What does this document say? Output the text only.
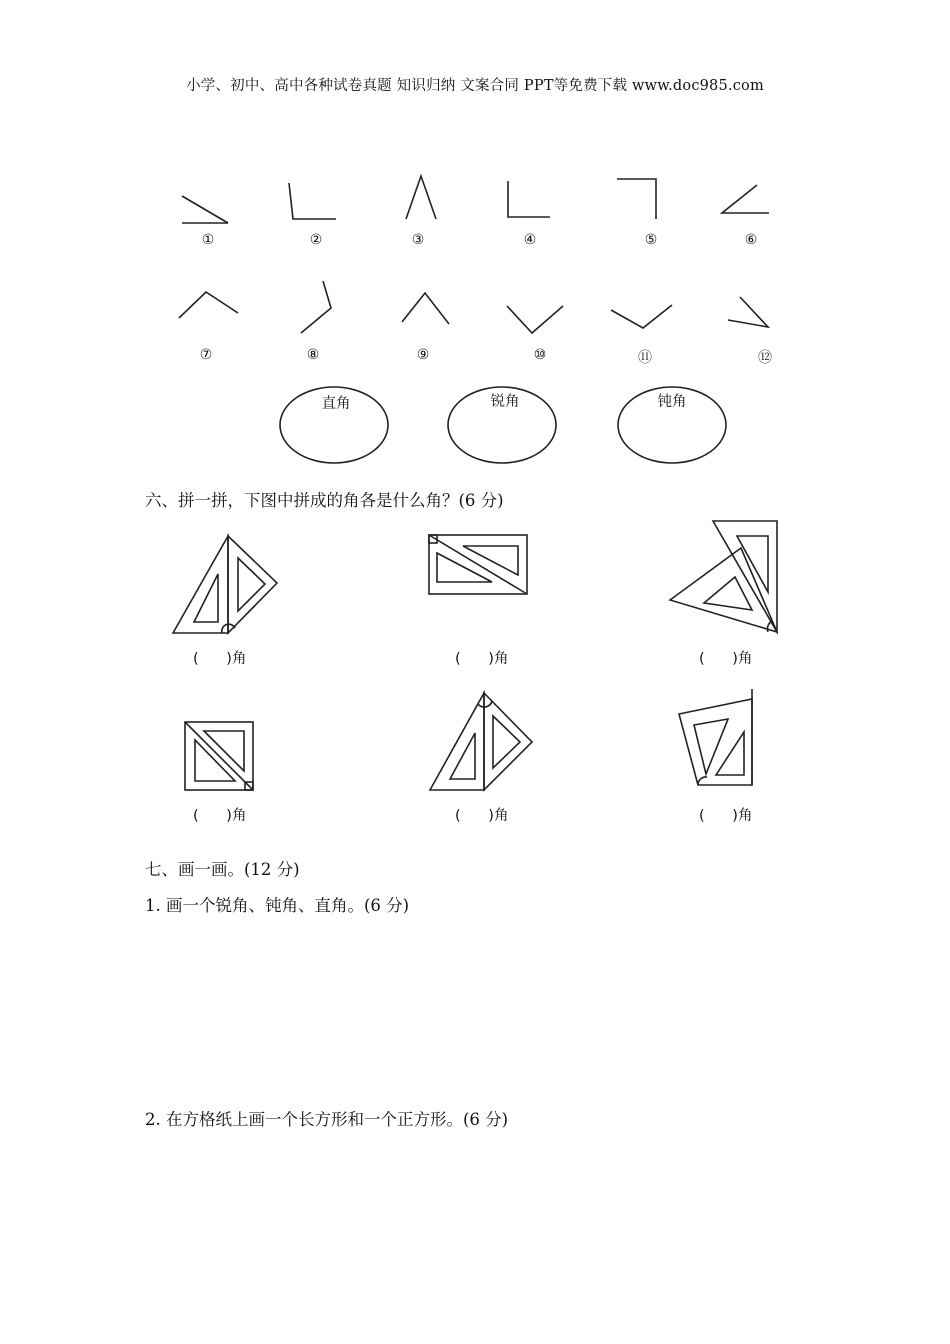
小学、初中、高中各种试卷真题 知识归纳 文案合同 PPT等免费下载 www.doc985.com
①	②	③	④	⑤	⑥
⑦	⑧	⑨	⑩	⑪	⑫
直角	锐角	钝角
六、拼一拼，下图中拼成的角各是什么角？(6 分)
(      )角	(      )角	(      )角
(      )角	(      )角	(      )角
七、画一画。(12 分)
1. 画一个锐角、钝角、直角。(6 分)
2. 在方格纸上画一个长方形和一个正方形。(6 分)
